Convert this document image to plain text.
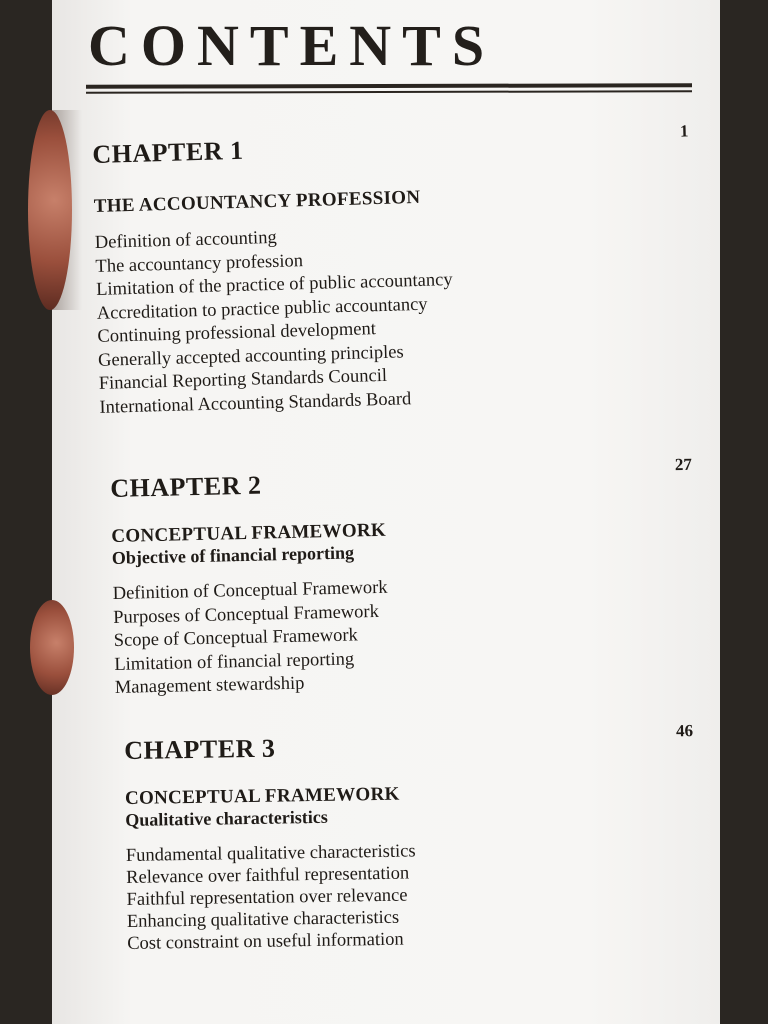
CONTENTS
CHAPTER 1
1
THE ACCOUNTANCY PROFESSION
Definition of accounting
The accountancy profession
Limitation of the practice of public accountancy
Accreditation to practice public accountancy
Continuing professional development
Generally accepted accounting principles
Financial Reporting Standards Council
International Accounting Standards Board
CHAPTER 2
27
CONCEPTUAL FRAMEWORK

Objective of financial reporting

Definition of Conceptual Framework
Purposes of Conceptual Framework
Scope of Conceptual Framework
Limitation of financial reporting
Management stewardship
CHAPTER 3
46
CONCEPTUAL FRAMEWORK

Qualitative characteristics

Fundamental qualitative characteristics
Relevance over faithful representation
Faithful representation over relevance
Enhancing qualitative characteristics
Cost constraint on useful information
